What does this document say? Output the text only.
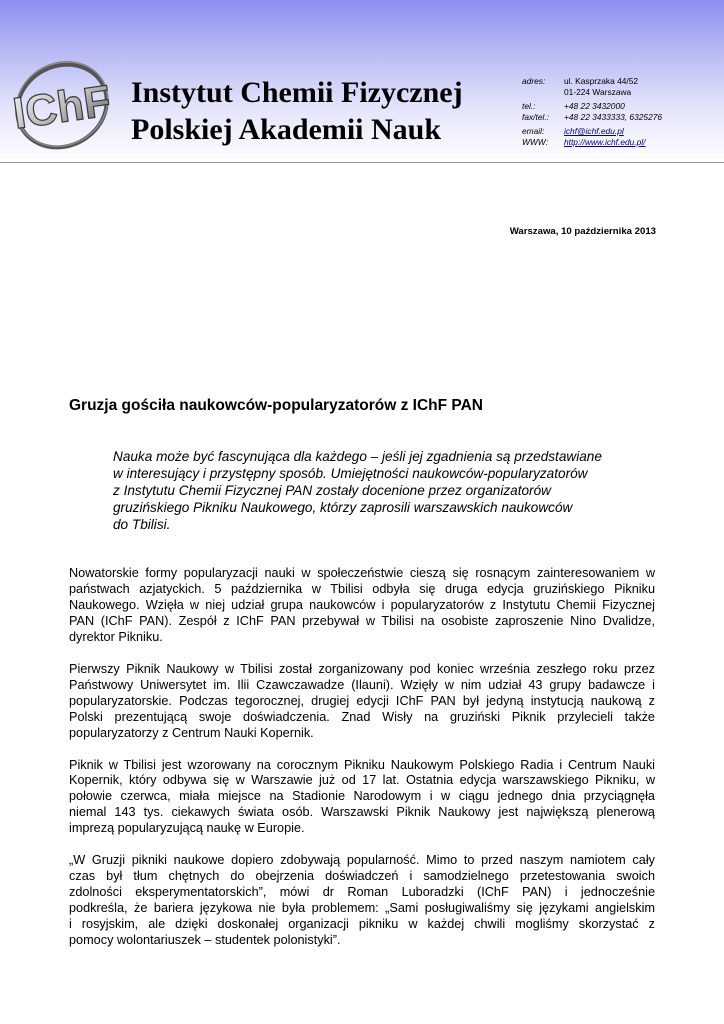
IChF Instytut Chemii Fizycznej
Polskiej Akademii Nauk
adres:	ul. Kasprzaka 44/52
01-224 Warszawa
tel.:	+48 22 3432000
fax/tel.:	+48 22 3433333, 6325276
email:	ichf@ichf.edu.pl
WWW:	http://www.ichf.edu.pl/
Warszawa, 10 października 2013
Gruzja gościła naukowców-popularyzatorów z IChF PAN
Nauka może być fascynująca dla każdego – jeśli jej zgadnienia są przedstawiane
w interesujący i przystępny sposób. Umiejętności naukowców-popularyzatorów
z Instytutu Chemii Fizycznej PAN zostały docenione przez organizatorów
gruzińskiego Pikniku Naukowego, którzy zaprosili warszawskich naukowców
do Tbilisi.

Nowatorskie formy popularyzacji nauki w społeczeństwie cieszą się rosnącym zainteresowaniem w
państwach azjatyckich. 5 października w Tbilisi odbyła się druga edycja gruzińskiego Pikniku
Naukowego. Wzięła w niej udział grupa naukowców i popularyzatorów z Instytutu Chemii Fizycznej
PAN (IChF PAN). Zespół z IChF PAN przebywał w Tbilisi na osobiste zaproszenie Nino Dvalidze,
dyrektor Pikniku.

Pierwszy Piknik Naukowy w Tbilisi został zorganizowany pod koniec września zeszłego roku przez
Państwowy Uniwersytet im. Ilii Czawczawadze (Ilauni). Wzięły w nim udział 43 grupy badawcze i
popularyzatorskie. Podczas tegorocznej, drugiej edycji IChF PAN był jedyną instytucją naukową z
Polski prezentującą swoje doświadczenia. Znad Wisły na gruziński Piknik przylecieli także
popularyzatorzy z Centrum Nauki Kopernik.

Piknik w Tbilisi jest wzorowany na corocznym Pikniku Naukowym Polskiego Radia i Centrum Nauki
Kopernik, który odbywa się w Warszawie już od 17 lat. Ostatnia edycja warszawskiego Pikniku, w
połowie czerwca, miała miejsce na Stadionie Narodowym i w ciągu jednego dnia przyciągnęła
niemal 143 tys. ciekawych świata osób. Warszawski Piknik Naukowy jest największą plenerową
imprezą popularyzującą naukę w Europie.

„W Gruzji pikniki naukowe dopiero zdobywają popularność. Mimo to przed naszym namiotem cały
czas był tłum chętnych do obejrzenia doświadczeń i samodzielnego przetestowania swoich
zdolności eksperymentatorskich”, mówi dr Roman Luboradzki (IChF PAN) i jednocześnie
podkreśla, że bariera językowa nie była problemem: „Sami posługiwaliśmy się językami angielskim
i rosyjskim, ale dzięki doskonałej organizacji pikniku w każdej chwili mogliśmy skorzystać z
pomocy wolontariuszek – studentek polonistyki”.
